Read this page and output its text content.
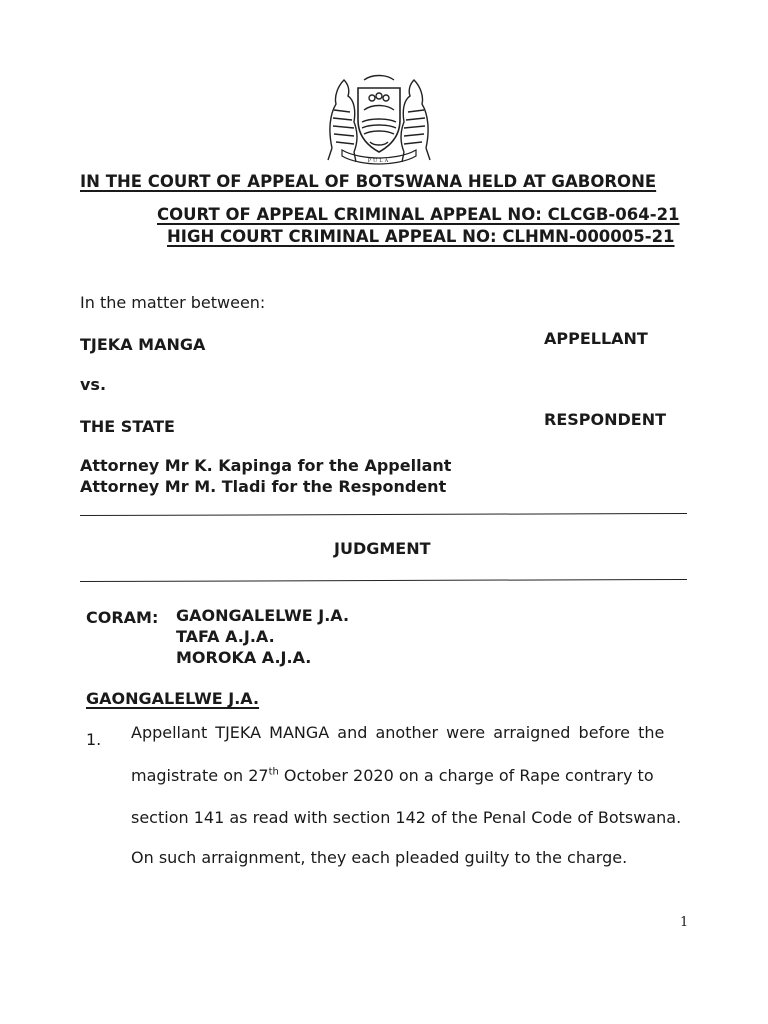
PULA
IN THE COURT OF APPEAL OF BOTSWANA HELD AT GABORONE
COURT OF APPEAL CRIMINAL APPEAL NO: CLCGB-064-21
HIGH COURT CRIMINAL APPEAL NO: CLHMN-000005-21
In the matter between:
TJEKA MANGA	APPELLANT
vs.
THE STATE	RESPONDENT
Attorney Mr K. Kapinga for the Appellant
Attorney Mr M. Tladi for the Respondent
JUDGMENT
CORAM: GAONGALELWE J.A.
TAFA A.J.A.
MOROKA A.J.A.
GAONGALELWE J.A.
1. Appellant TJEKA MANGA and another were arraigned before the
magistrate on 27th October 2020 on a charge of Rape contrary to
section 141 as read with section 142 of the Penal Code of Botswana.
On such arraignment, they each pleaded guilty to the charge.
1
